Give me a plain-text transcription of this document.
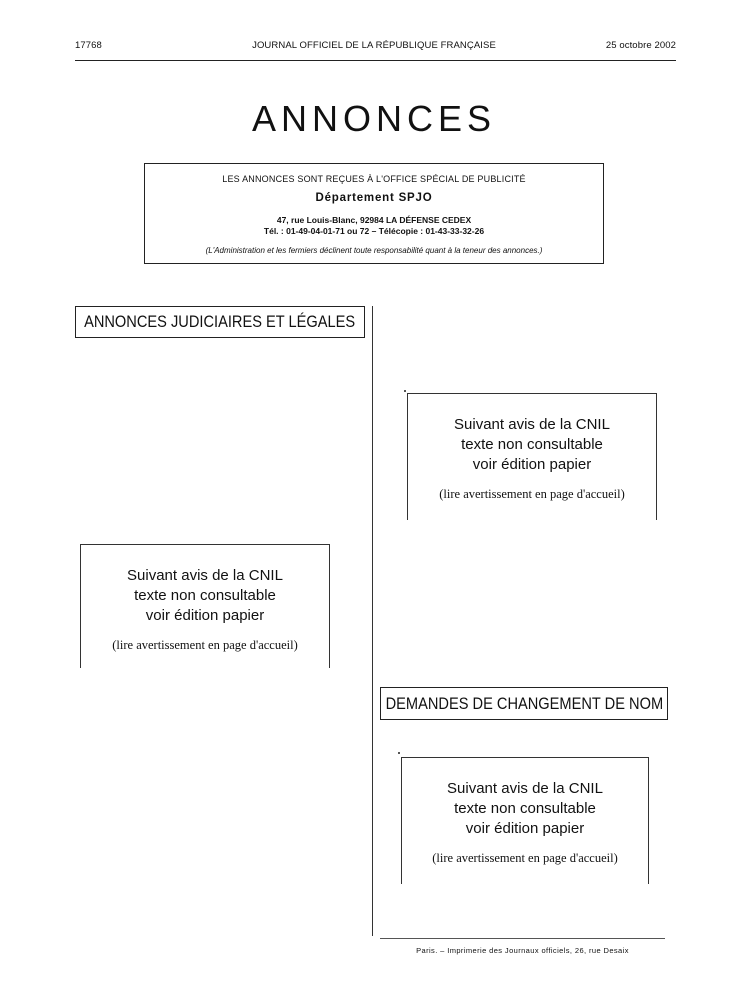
17768	JOURNAL OFFICIEL DE LA RÉPUBLIQUE FRANÇAISE	25 octobre 2002
ANNONCES
LES ANNONCES SONT REÇUES À L'OFFICE SPÉCIAL DE PUBLICITÉ
Département SPJO
47, rue Louis-Blanc, 92984 LA DÉFENSE CEDEX
Tél. : 01-49-04-01-71 ou 72 – Télécopie : 01-43-33-32-26
(L'Administration et les fermiers déclinent toute responsabilité quant à la teneur des annonces.)
ANNONCES JUDICIAIRES ET LÉGALES
Suivant avis de la CNIL
texte non consultable
voir édition papier
(lire avertissement en page d'accueil)
Suivant avis de la CNIL
texte non consultable
voir édition papier
(lire avertissement en page d'accueil)
DEMANDES DE CHANGEMENT DE NOM
Suivant avis de la CNIL
texte non consultable
voir édition papier
(lire avertissement en page d'accueil)
Paris. – Imprimerie des Journaux officiels, 26, rue Desaix
